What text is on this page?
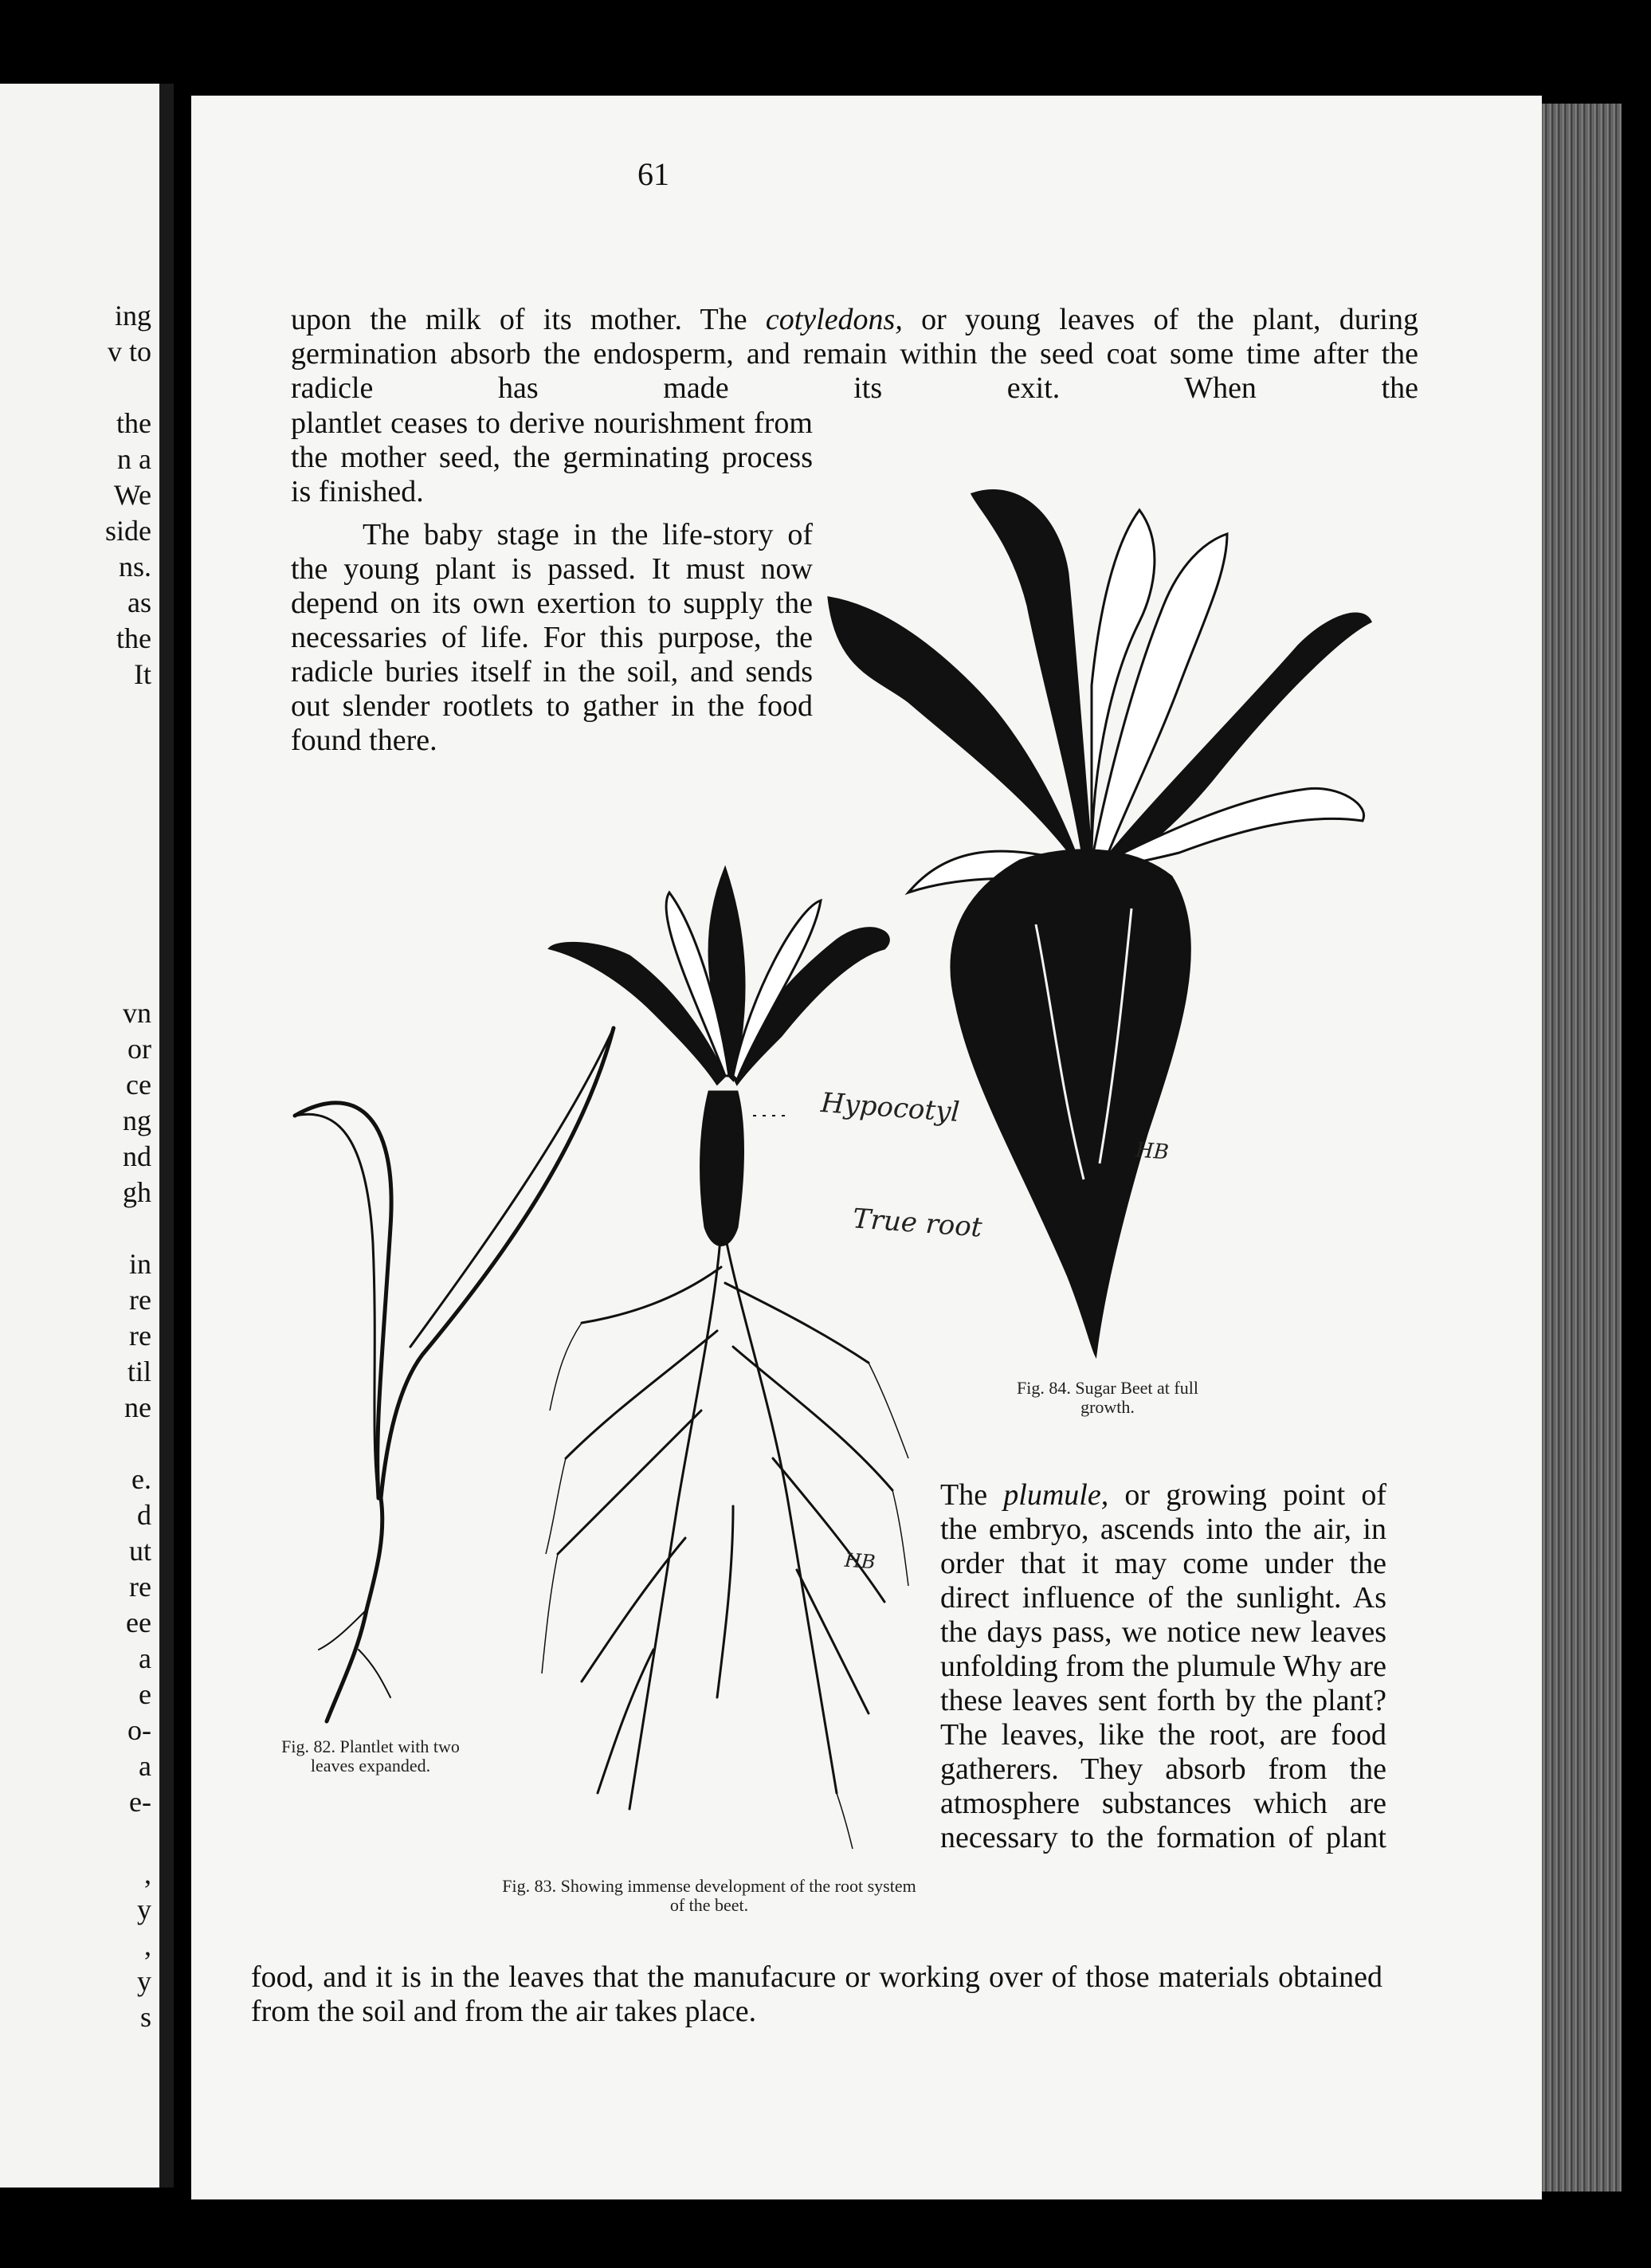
61

upon the milk of its mother. The cotyledons, or young leaves of the plant, during germination absorb the endosperm, and remain within the seed coat some time after the radicle has made its exit. When the

plantlet ceases to derive nourishment from the mother seed, the germinating process is finished.

The baby stage in the life-story of the young plant is passed. It must now depend on its own exertion to supply the necessaries of life. For this purpose, the radicle buries itself in the soil, and sends out slender rootlets to gather in the food found there.

The plumule, or growing point of the embryo, ascends into the air, in order that it may come under the direct influence of the sunlight. As the days pass, we notice new leaves unfolding from the plumule Why are these leaves sent forth by the plant? The leaves, like the root, are food gatherers. They absorb from the atmosphere substances which are necessary to the formation of plant

food, and it is in the leaves that the manufacure or working over of those materials obtained from the soil and from the air takes place.

Fig. 82. Plantlet with two leaves expanded.
Hypocotyl
True root
HB
Fig. 83. Showing immense development of the root system of the beet.
HB
Fig. 84. Sugar Beet at full growth.
ing
v to
the
n a
We
side
ns.
as
the
It
vn
or
ce
ng
nd
gh
in
re
re
til
ne
e.
d
ut
re
ee
a
e
o-
a
e-
,
y
,
y
s
